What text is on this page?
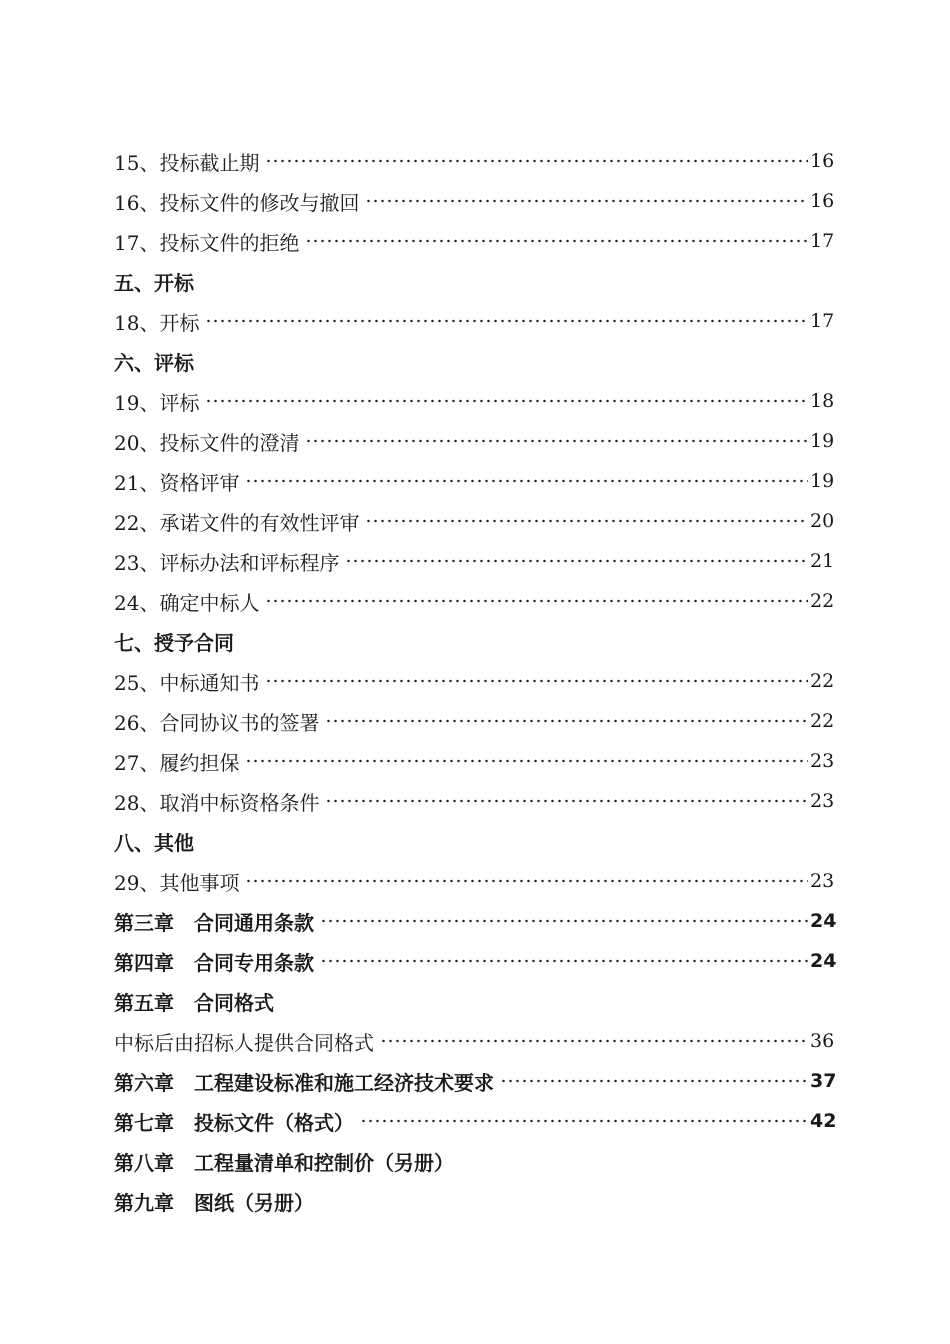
15、投标截止期	16
16、投标文件的修改与撤回	16
17、投标文件的拒绝	17
五、开标
18、开标	17
六、评标
19、评标	18
20、投标文件的澄清	19
21、资格评审	19
22、承诺文件的有效性评审	20
23、评标办法和评标程序	21
24、确定中标人	22
七、授予合同
25、中标通知书	22
26、合同协议书的签署	22
27、履约担保	23
28、取消中标资格条件	23
八、其他
29、其他事项	23
第三章　合同通用条款	24
第四章　合同专用条款	24
第五章　合同格式
中标后由招标人提供合同格式	36
第六章　工程建设标准和施工经济技术要求	37
第七章　投标文件（格式）	42
第八章　工程量清单和控制价（另册）
第九章　图纸（另册）
